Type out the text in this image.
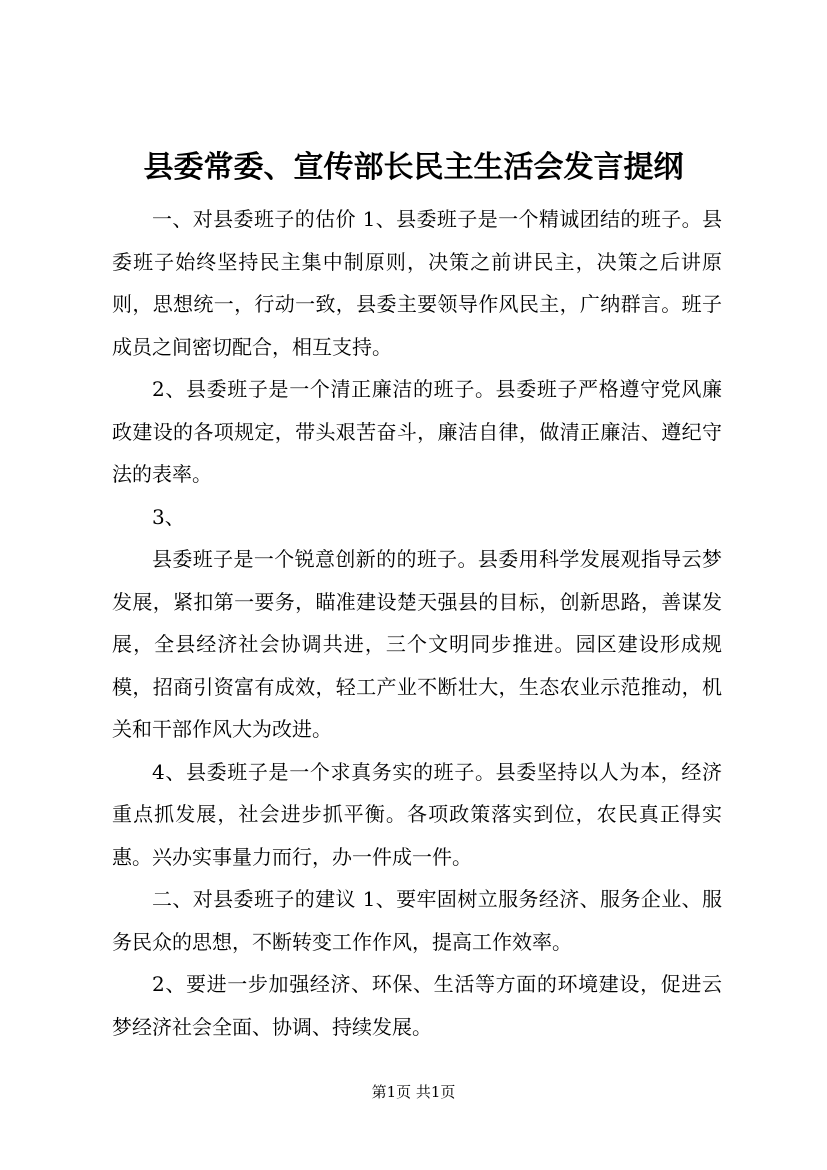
县委常委、宣传部长民主生活会发言提纲

一、对县委班子的估价 1、县委班子是一个精诚团结的班子。县委班子始终坚持民主集中制原则，决策之前讲民主，决策之后讲原则，思想统一，行动一致，县委主要领导作风民主，广纳群言。班子成员之间密切配合，相互支持。

2、县委班子是一个清正廉洁的班子。县委班子严格遵守党风廉政建设的各项规定，带头艰苦奋斗，廉洁自律，做清正廉洁、遵纪守法的表率。

3、

县委班子是一个锐意创新的的班子。县委用科学发展观指导云梦发展，紧扣第一要务，瞄准建设楚天强县的目标，创新思路，善谋发展，全县经济社会协调共进，三个文明同步推进。园区建设形成规模，招商引资富有成效，轻工产业不断壮大，生态农业示范推动，机关和干部作风大为改进。

4、县委班子是一个求真务实的班子。县委坚持以人为本，经济重点抓发展，社会进步抓平衡。各项政策落实到位，农民真正得实惠。兴办实事量力而行，办一件成一件。

二、对县委班子的建议 1、要牢固树立服务经济、服务企业、服务民众的思想，不断转变工作作风，提高工作效率。

2、要进一步加强经济、环保、生活等方面的环境建设，促进云梦经济社会全面、协调、持续发展。

第1页 共1页
